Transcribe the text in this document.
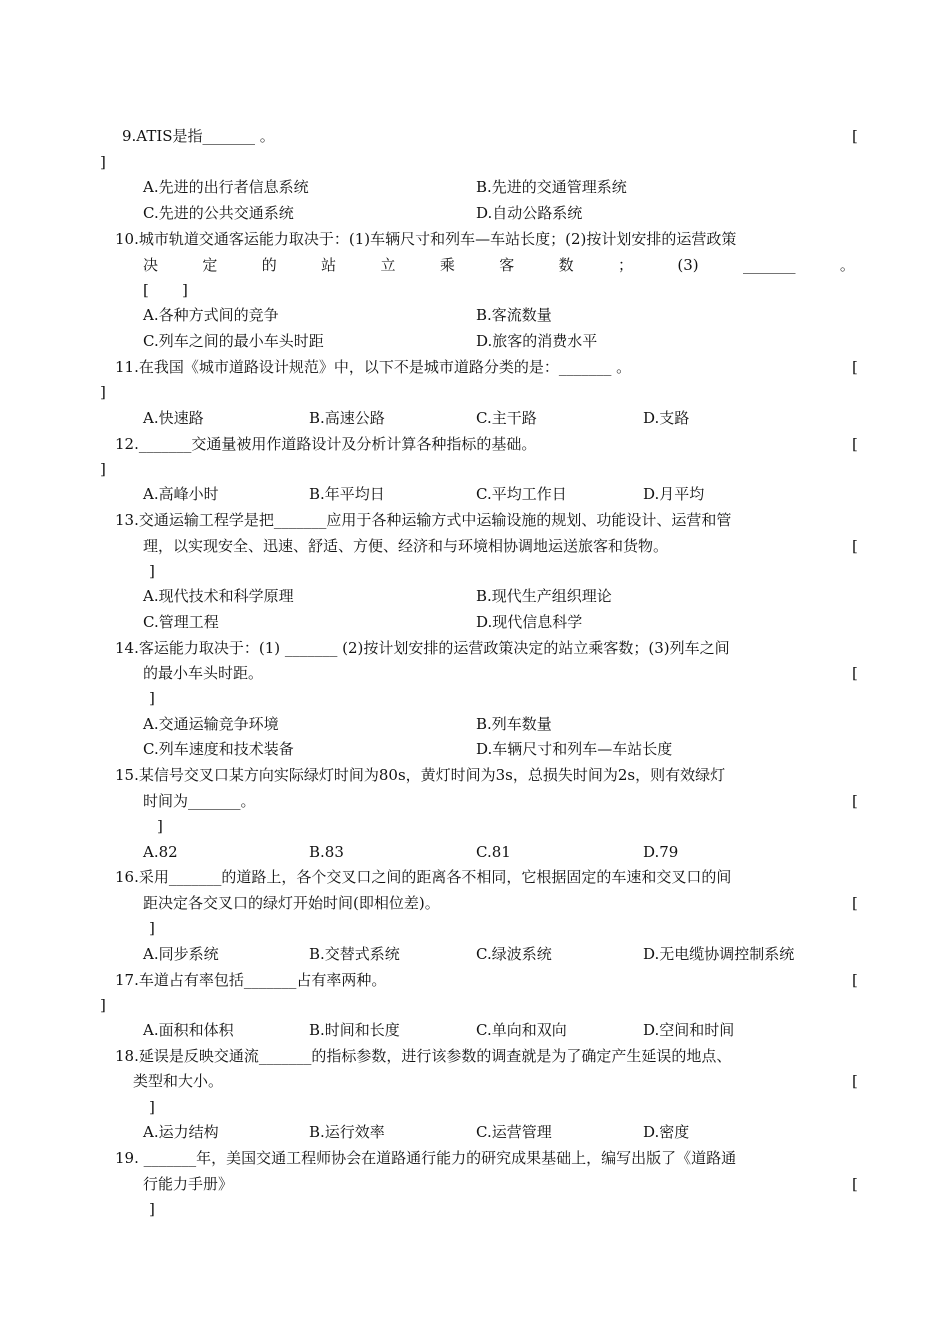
9.ATIS是指_______ 。	[
]
A.先进的出行者信息系统	B.先进的交通管理系统
C.先进的公共交通系统	D.自动公路系统
10.城市轨道交通客运能力取决于：(1)车辆尺寸和列车—车站长度；(2)按计划安排的运营政策
决	定	的	站	立	乘	客	数	；	(3)	_______	。
[ ]
A.各种方式间的竞争	B.客流数量
C.列车之间的最小车头时距	D.旅客的消费水平
11.在我国《城市道路设计规范》中，以下不是城市道路分类的是：_______ 。	[
]
A.快速路	B.高速公路	C.主干路	D.支路
12._______交通量被用作道路设计及分析计算各种指标的基础。	[
]
A.高峰小时	B.年平均日	C.平均工作日	D.月平均
13.交通运输工程学是把_______应用于各种运输方式中运输设施的规划、功能设计、运营和管
理，以实现安全、迅速、舒适、方便、经济和与环境相协调地运送旅客和货物。	[
]
A.现代技术和科学原理	B.现代生产组织理论
C.管理工程	D.现代信息科学
14.客运能力取决于：(1) _______ (2)按计划安排的运营政策决定的站立乘客数；(3)列车之间
的最小车头时距。	[
]
A.交通运输竞争环境	B.列车数量
C.列车速度和技术装备	D.车辆尺寸和列车—车站长度
15.某信号交叉口某方向实际绿灯时间为80s，黄灯时间为3s，总损失时间为2s，则有效绿灯
时间为_______。	[
]
A.82	B.83	C.81	D.79
16.采用_______的道路上，各个交叉口之间的距离各不相同，它根据固定的车速和交叉口的间
距决定各交叉口的绿灯开始时间(即相位差)。	[
]
A.同步系统	B.交替式系统	C.绿波系统	D.无电缆协调控制系统
17.车道占有率包括_______占有率两种。	[
]
A.面积和体积	B.时间和长度	C.单向和双向	D.空间和时间
18.延误是反映交通流_______的指标参数，进行该参数的调查就是为了确定产生延误的地点、
类型和大小。	[
]
A.运力结构	B.运行效率	C.运营管理	D.密度
19. _______年，美国交通工程师协会在道路通行能力的研究成果基础上，编写出版了《道路通
行能力手册》	[
]
